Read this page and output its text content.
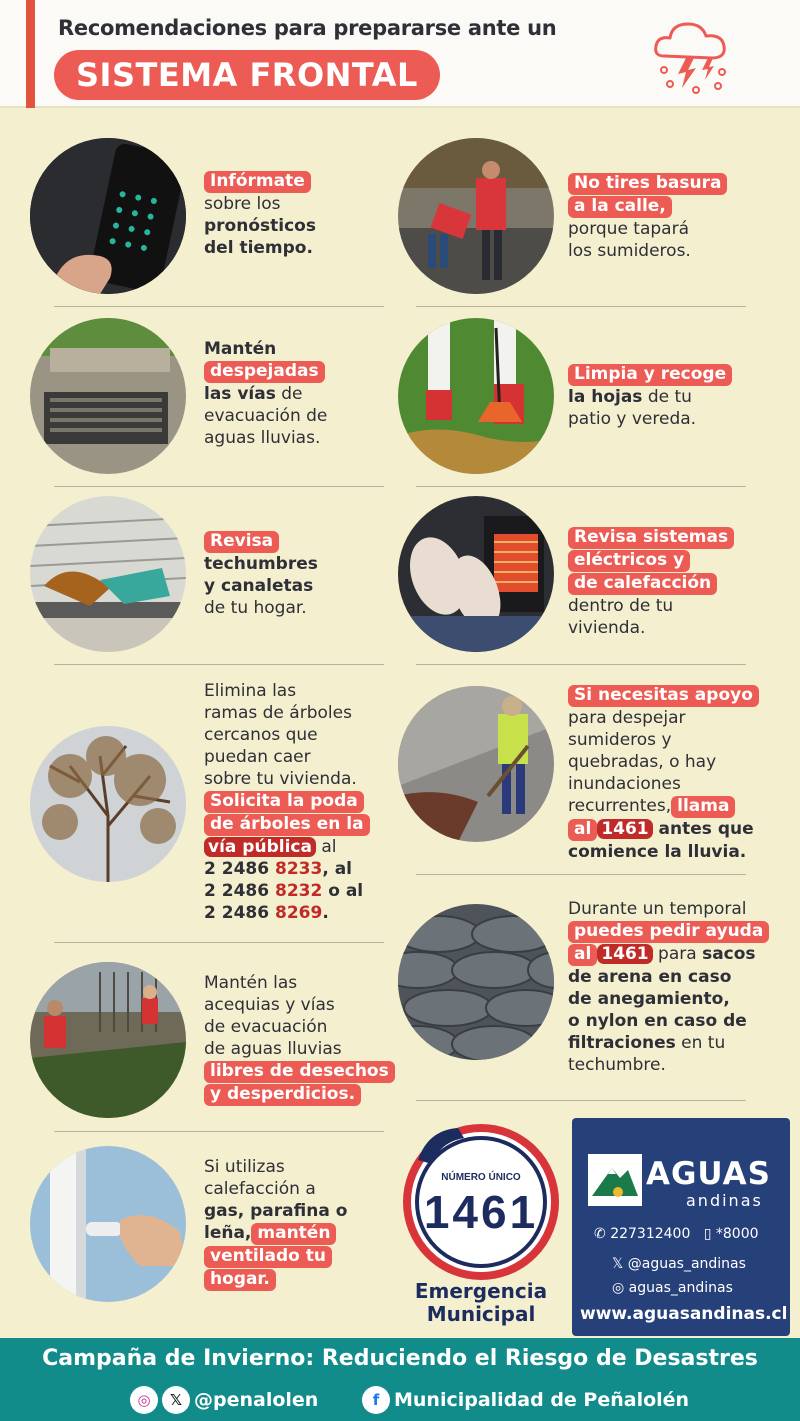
Recomendaciones para prepararse ante un
SISTEMA FRONTAL
Infórmate
sobre los
pronósticos
del tiempo.
No tires basura
a la calle,
porque tapará
los sumideros.
Mantén
despejadas
las vías de
evacuación de
aguas lluvias.
Limpia y recoge
la hojas de tu
patio y vereda.
Revisa
techumbres
y canaletas
de tu hogar.
Revisa sistemas
eléctricos y
de calefacción
dentro de tu
vivienda.
Elimina las
ramas de árboles
cercanos que
puedan caer
sobre tu vivienda.
Solicita la poda
de árboles en la
vía pública al
2 2486 8233, al
2 2486 8232 o al
2 2486 8269.
Si necesitas apoyo
para despejar
sumideros y
quebradas, o hay
inundaciones
recurrentes, llama
al 1461 antes que
comience la lluvia.
Durante un temporal
puedes pedir ayuda
al 1461 para sacos
de arena en caso
de anegamiento,
o nylon en caso de
filtraciones en tu
techumbre.
Mantén las
acequias y vías
de evacuación
de aguas lluvias
libres de desechos
y desperdicios.
Si utilizas
calefacción a
gas, parafina o
leña, mantén
ventilado tu
hogar.
NÚMERO ÚNICO
1461
Emergencia
Municipal
AGUAS
andinas
✆ 227312400 ▯ *8000
𝕏 @aguas_andinas
◎ aguas_andinas
www.aguasandinas.cl
Campaña de Invierno: Reduciendo el Riesgo de Desastres
◎	𝕏 @penalolen	f Municipalidad de Peñalolén
